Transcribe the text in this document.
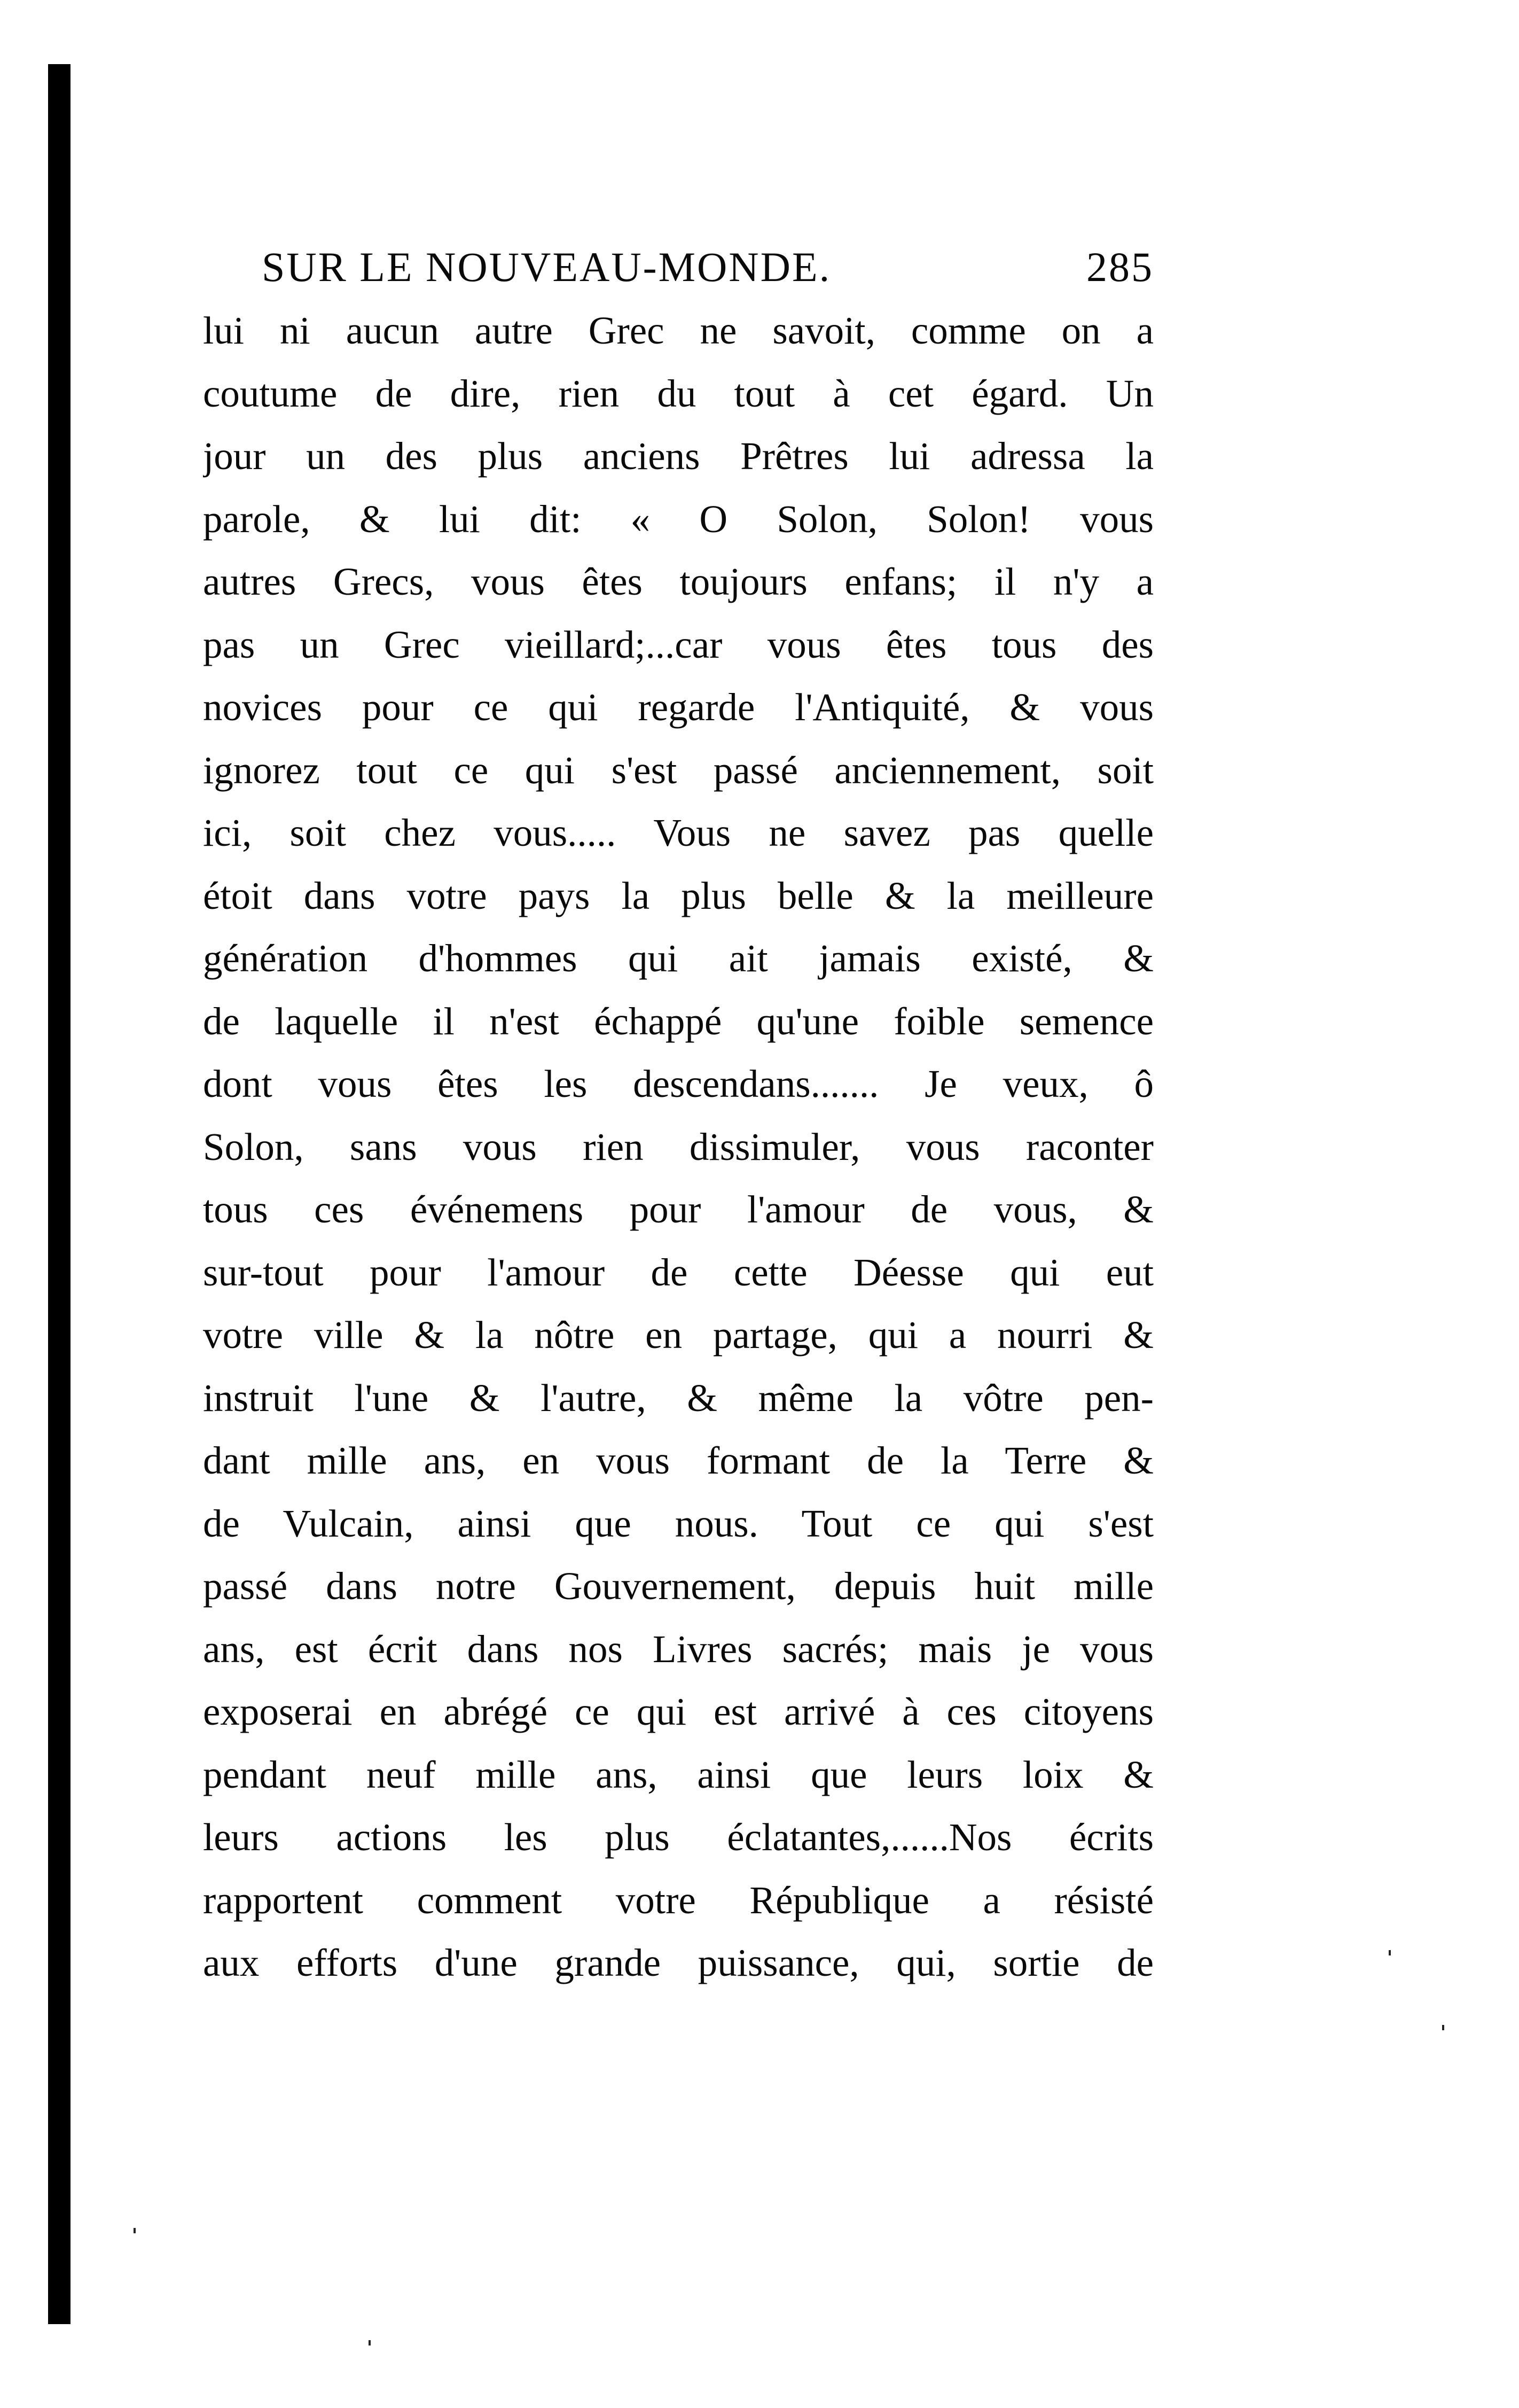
SUR LE NOUVEAU-MONDE.	285
lui ni aucun autre Grec ne savoit, comme on a
coutume de dire, rien du tout à cet égard. Un
jour un des plus anciens Prêtres lui adressa la
parole, & lui dit: « O Solon, Solon! vous
autres Grecs, vous êtes toujours enfans; il n'y a
pas un Grec vieillard;...car vous êtes tous des
novices pour ce qui regarde l'Antiquité, & vous
ignorez tout ce qui s'est passé anciennement, soit
ici, soit chez vous..... Vous ne savez pas quelle
étoit dans votre pays la plus belle & la meilleure
génération d'hommes qui ait jamais existé, &
de laquelle il n'est échappé qu'une foible semence
dont vous êtes les descendans....... Je veux, ô
Solon, sans vous rien dissimuler, vous raconter
tous ces événemens pour l'amour de vous, &
sur-tout pour l'amour de cette Déesse qui eut
votre ville & la nôtre en partage, qui a nourri &
instruit l'une & l'autre, & même la vôtre pen-
dant mille ans, en vous formant de la Terre &
de Vulcain, ainsi que nous. Tout ce qui s'est
passé dans notre Gouvernement, depuis huit mille
ans, est écrit dans nos Livres sacrés; mais je vous
exposerai en abrégé ce qui est arrivé à ces citoyens
pendant neuf mille ans, ainsi que leurs loix &
leurs actions les plus éclatantes,......Nos écrits
rapportent comment votre République a résisté
aux efforts d'une grande puissance, qui, sortie de
